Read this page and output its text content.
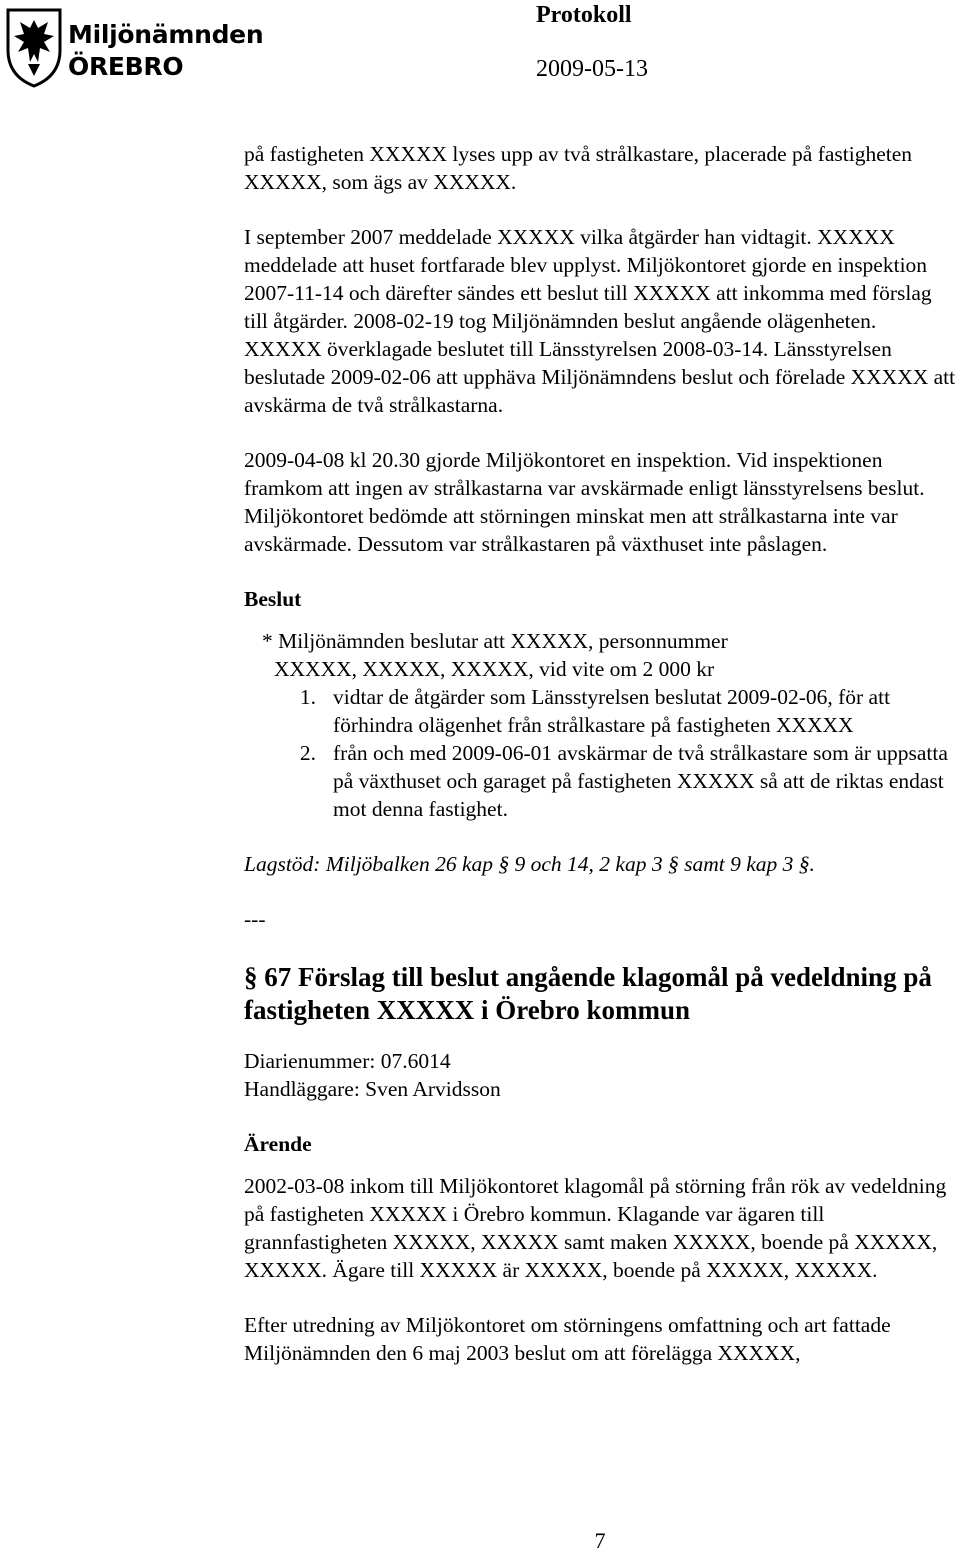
Miljönämnden
ÖREBRO
Protokoll
2009-05-13

på fastigheten XXXXX lyses upp av två strålkastare, placerade på fastigheten XXXXX, som ägs av XXXXX.

I september 2007 meddelade XXXXX vilka åtgärder han vidtagit. XXXXX meddelade att huset fortfarade blev upplyst. Miljökontoret gjorde en inspektion 2007-11-14 och därefter sändes ett beslut till XXXXX att inkomma med förslag till åtgärder. 2008-02-19 tog Miljönämnden beslut angående olägenheten. XXXXX överklagade beslutet till Länsstyrelsen 2008-03-14. Länsstyrelsen beslutade 2009-02-06 att upphäva Miljönämndens beslut och förelade XXXXX att avskärma de två strålkastarna.

2009-04-08 kl 20.30 gjorde Miljökontoret en inspektion. Vid inspektionen framkom att ingen av strålkastarna var avskärmade enligt länsstyrelsens beslut. Miljökontoret bedömde att störningen minskat men att strålkastarna inte var avskärmade. Dessutom var strålkastaren på växthuset inte påslagen.

Beslut

* Miljönämnden beslutar att XXXXX, personnummer
XXXXX, XXXXX, XXXXX, vid vite om 2 000 kr
1. vidtar de åtgärder som Länsstyrelsen beslutat 2009-02-06, för att förhindra olägenhet från strålkastare på fastigheten XXXXX
2. från och med 2009-06-01 avskärmar de två strålkastare som är uppsatta på växthuset och garaget på fastigheten XXXXX så att de riktas endast mot denna fastighet.

Lagstöd: Miljöbalken 26 kap § 9 och 14, 2 kap 3 § samt 9 kap 3 §.

---

§ 67 Förslag till beslut angående klagomål på vedeldning på fastigheten XXXXX i Örebro kommun

Diarienummer: 07.6014
Handläggare: Sven Arvidsson

Ärende

2002-03-08 inkom till Miljökontoret klagomål på störning från rök av vedeldning på fastigheten XXXXX i Örebro kommun. Klagande var ägaren till grannfastigheten XXXXX, XXXXX samt maken XXXXX, boende på XXXXX, XXXXX. Ägare till XXXXX är XXXXX, boende på XXXXX, XXXXX.

Efter utredning av Miljökontoret om störningens omfattning och art fattade Miljönämnden den 6 maj 2003 beslut om att förelägga XXXXX,

7
